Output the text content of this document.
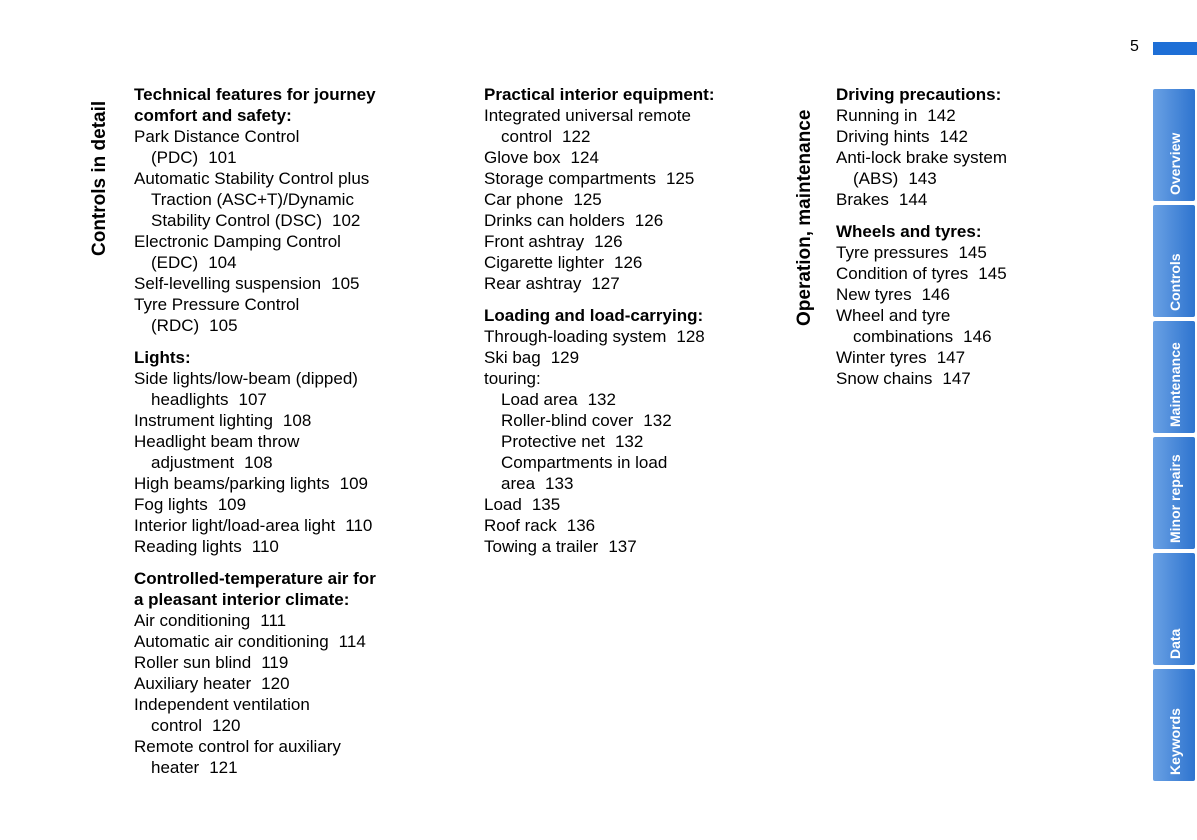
5
Controls in detail	Operation, maintenance
Technical features for journey
comfort and safety:
Park Distance Control
(PDC) 101
Automatic Stability Control plus
Traction (ASC+T)/Dynamic
Stability Control (DSC) 102
Electronic Damping Control
(EDC) 104
Self-levelling suspension 105
Tyre Pressure Control
(RDC) 105
Lights:
Side lights/low-beam (dipped)
headlights 107
Instrument lighting 108
Headlight beam throw
adjustment 108
High beams/parking lights 109
Fog lights 109
Interior light/load-area light 110
Reading lights 110
Controlled-temperature air for
a pleasant interior climate:
Air conditioning 111
Automatic air conditioning 114
Roller sun blind 119
Auxiliary heater 120
Independent ventilation
control 120
Remote control for auxiliary
heater 121
Practical interior equipment:
Integrated universal remote
control 122
Glove box 124
Storage compartments 125
Car phone 125
Drinks can holders 126
Front ashtray 126
Cigarette lighter 126
Rear ashtray 127
Loading and load-carrying:
Through-loading system 128
Ski bag 129
touring:
Load area 132
Roller-blind cover 132
Protective net 132
Compartments in load
area 133
Load 135
Roof rack 136
Towing a trailer 137
Driving precautions:
Running in 142
Driving hints 142
Anti-lock brake system
(ABS) 143
Brakes 144
Wheels and tyres:
Tyre pressures 145
Condition of tyres 145
New tyres 146
Wheel and tyre
combinations 146
Winter tyres 147
Snow chains 147
Overview
Controls
Maintenance
Minor repairs
Data
Keywords
